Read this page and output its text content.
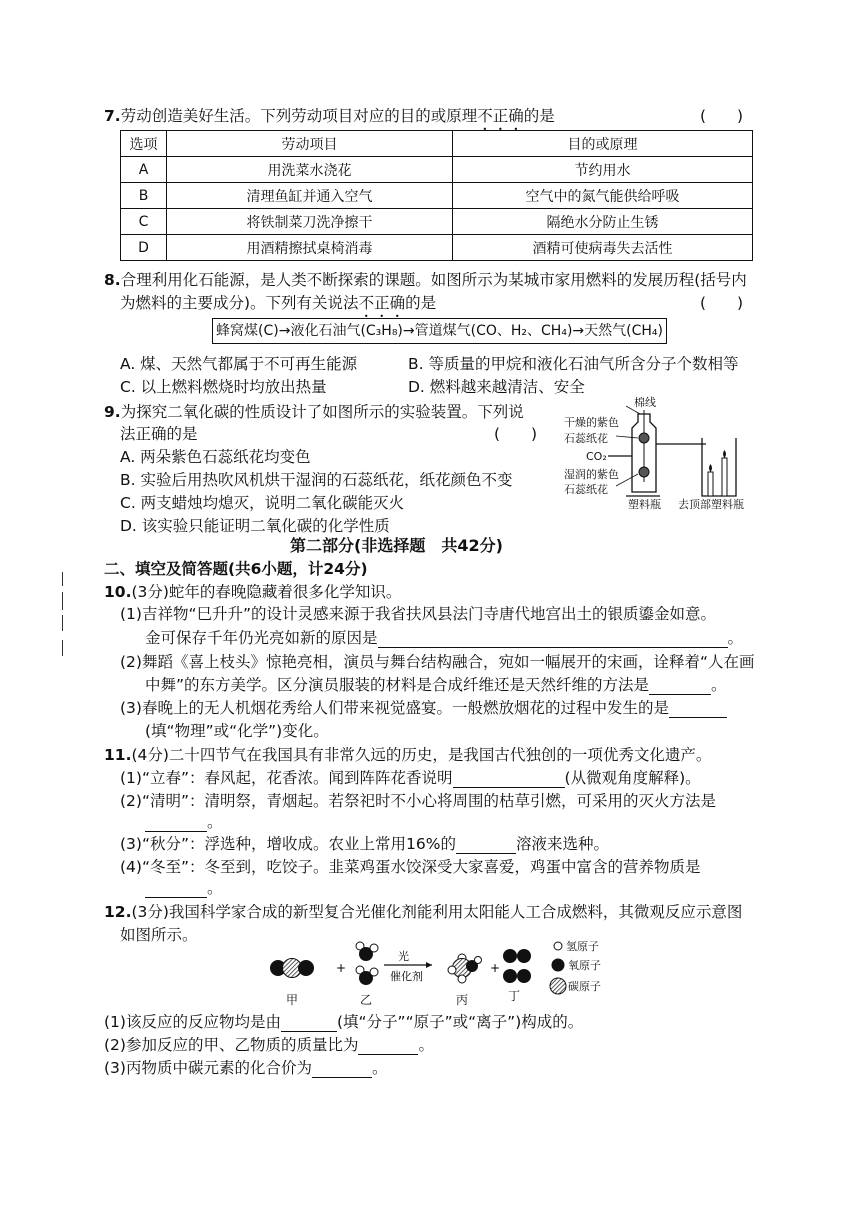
7.劳动创造美好生活。下列劳动项目对应的目的或原理不正确的是	(　　)
选项	劳动项目	目的或原理
A	用洗菜水浇花	节约用水
B	清理鱼缸并通入空气	空气中的氮气能供给呼吸
C	将铁制菜刀洗净擦干	隔绝水分防止生锈
D	用酒精擦拭桌椅消毒	酒精可使病毒失去活性
8.合理利用化石能源，是人类不断探索的课题。如图所示为某城市家用燃料的发展历程(括号内
为燃料的主要成分)。下列有关说法不正确的是	(　　)
蜂窝煤(C)→液化石油气(C₃H₈)→管道煤气(CO、H₂、CH₄)→天然气(CH₄)
A. 煤、天然气都属于不可再生能源	B. 等质量的甲烷和液化石油气所含分子个数相等
C. 以上燃料燃烧时均放出热量	D. 燃料越来越清洁、安全
9.为探究二氧化碳的性质设计了如图所示的实验装置。下列说
法正确的是	(　　)
A. 两朵紫色石蕊纸花均变色
B. 实验后用热吹风机烘干湿润的石蕊纸花，纸花颜色不变
C. 两支蜡烛均熄灭，说明二氧化碳能灭火
D. 该实验只能证明二氧化碳的化学性质
棉线
干燥的紫色
石蕊纸花
CO₂
湿润的紫色
石蕊纸花
塑料瓶 去顶部塑料瓶
第二部分(非选择题　共42分)
二、填空及简答题(共6小题，计24分)
10.(3分)蛇年的春晚隐藏着很多化学知识。
(1)吉祥物“巳升升”的设计灵感来源于我省扶风县法门寺唐代地宫出土的银质鎏金如意。
金可保存千年仍光亮如新的原因是	。
(2)舞蹈《喜上枝头》惊艳亮相，演员与舞台结构融合，宛如一幅展开的宋画，诠释着“人在画
中舞”的东方美学。区分演员服装的材料是合成纤维还是天然纤维的方法是	。
(3)春晚上的无人机烟花秀给人们带来视觉盛宴。一般燃放烟花的过程中发生的是
(填“物理”或“化学”)变化。
11.(4分)二十四节气在我国具有非常久远的历史，是我国古代独创的一项优秀文化遗产。
(1)“立春”：春风起，花香浓。闻到阵阵花香说明	(从微观角度解释)。
(2)“清明”：清明祭，青烟起。若祭祀时不小心将周围的枯草引燃，可采用的灭火方法是
。
(3)“秋分”：浮选种，增收成。农业上常用16%的	溶液来选种。
(4)“冬至”：冬至到，吃饺子。韭菜鸡蛋水饺深受大家喜爱，鸡蛋中富含的营养物质是
。
12.(3分)我国科学家合成的新型复合光催化剂能利用太阳能人工合成燃料，其微观反应示意图
如图所示。
+
光
催化剂
+
甲	乙	丙	丁
氢原子
氧原子
碳原子
(1)该反应的反应物均是由	(填“分子”“原子”或“离子”)构成的。
(2)参加反应的甲、乙物质的质量比为	。
(3)丙物质中碳元素的化合价为	。
